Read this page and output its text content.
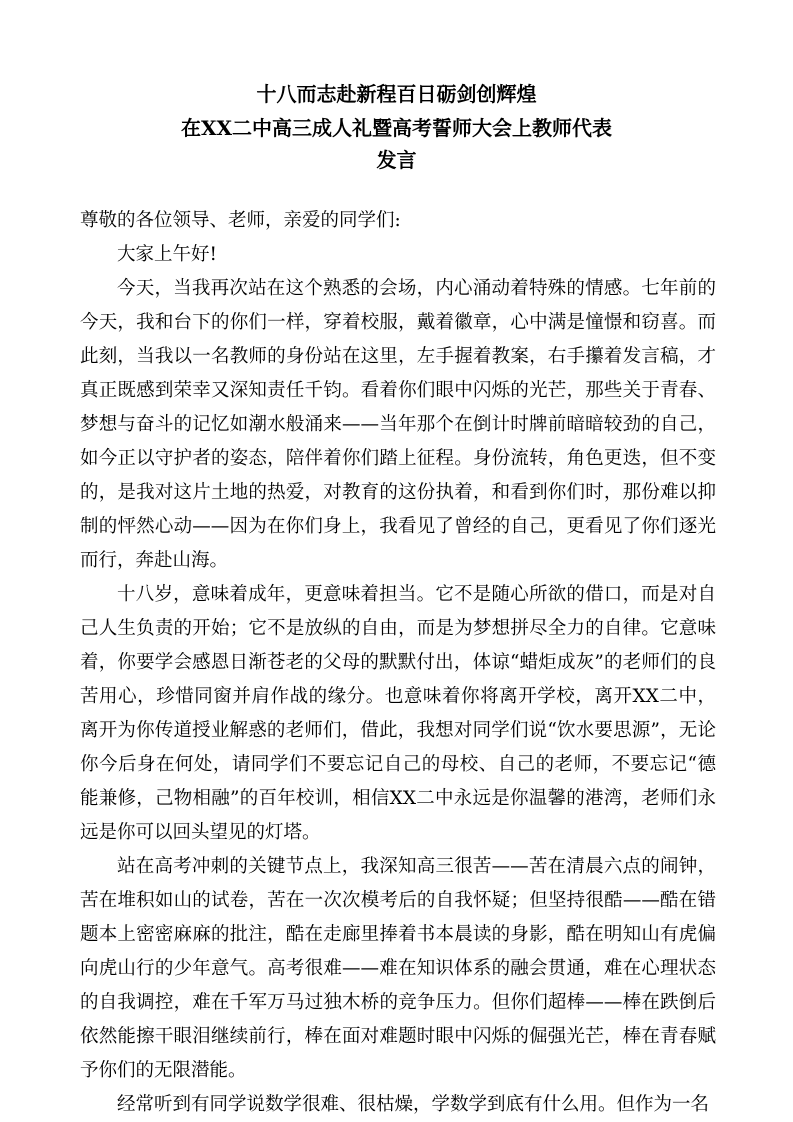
十八而志赴新程百日砺剑创辉煌
在XX二中高三成人礼暨高考誓师大会上教师代表
发言

尊敬的各位领导、老师，亲爱的同学们:

大家上午好!

今天，当我再次站在这个熟悉的会场，内心涌动着特殊的情感。七年前的今天，我和台下的你们一样，穿着校服，戴着徽章，心中满是憧憬和窃喜。而此刻，当我以一名教师的身份站在这里，左手握着教案，右手攥着发言稿，才真正既感到荣幸又深知责任千钧。看着你们眼中闪烁的光芒，那些关于青春、梦想与奋斗的记忆如潮水般涌来——当年那个在倒计时牌前暗暗较劲的自己，如今正以守护者的姿态，陪伴着你们踏上征程。身份流转，角色更迭，但不变的，是我对这片土地的热爱，对教育的这份执着，和看到你们时，那份难以抑制的怦然心动——因为在你们身上，我看见了曾经的自己，更看见了你们逐光而行，奔赴山海。

十八岁，意味着成年，更意味着担当。它不是随心所欲的借口，而是对自己人生负责的开始；它不是放纵的自由，而是为梦想拼尽全力的自律。它意味着，你要学会感恩日渐苍老的父母的默默付出，体谅“蜡炬成灰”的老师们的良苦用心，珍惜同窗并肩作战的缘分。也意味着你将离开学校，离开XX二中，离开为你传道授业解惑的老师们，借此，我想对同学们说“饮水要思源”，无论你今后身在何处，请同学们不要忘记自己的母校、自己的老师，不要忘记“德能兼修，己物相融”的百年校训，相信XX二中永远是你温馨的港湾，老师们永远是你可以回头望见的灯塔。

站在高考冲刺的关键节点上，我深知高三很苦——苦在清晨六点的闹钟，苦在堆积如山的试卷，苦在一次次模考后的自我怀疑；但坚持很酷——酷在错题本上密密麻麻的批注，酷在走廊里捧着书本晨读的身影，酷在明知山有虎偏向虎山行的少年意气。高考很难——难在知识体系的融会贯通，难在心理状态的自我调控，难在千军万马过独木桥的竞争压力。但你们超棒——棒在跌倒后依然能擦干眼泪继续前行，棒在面对难题时眼中闪烁的倔强光芒，棒在青春赋予你们的无限潜能。

经常听到有同学说数学很难、很枯燥，学数学到底有什么用。但作为一名
